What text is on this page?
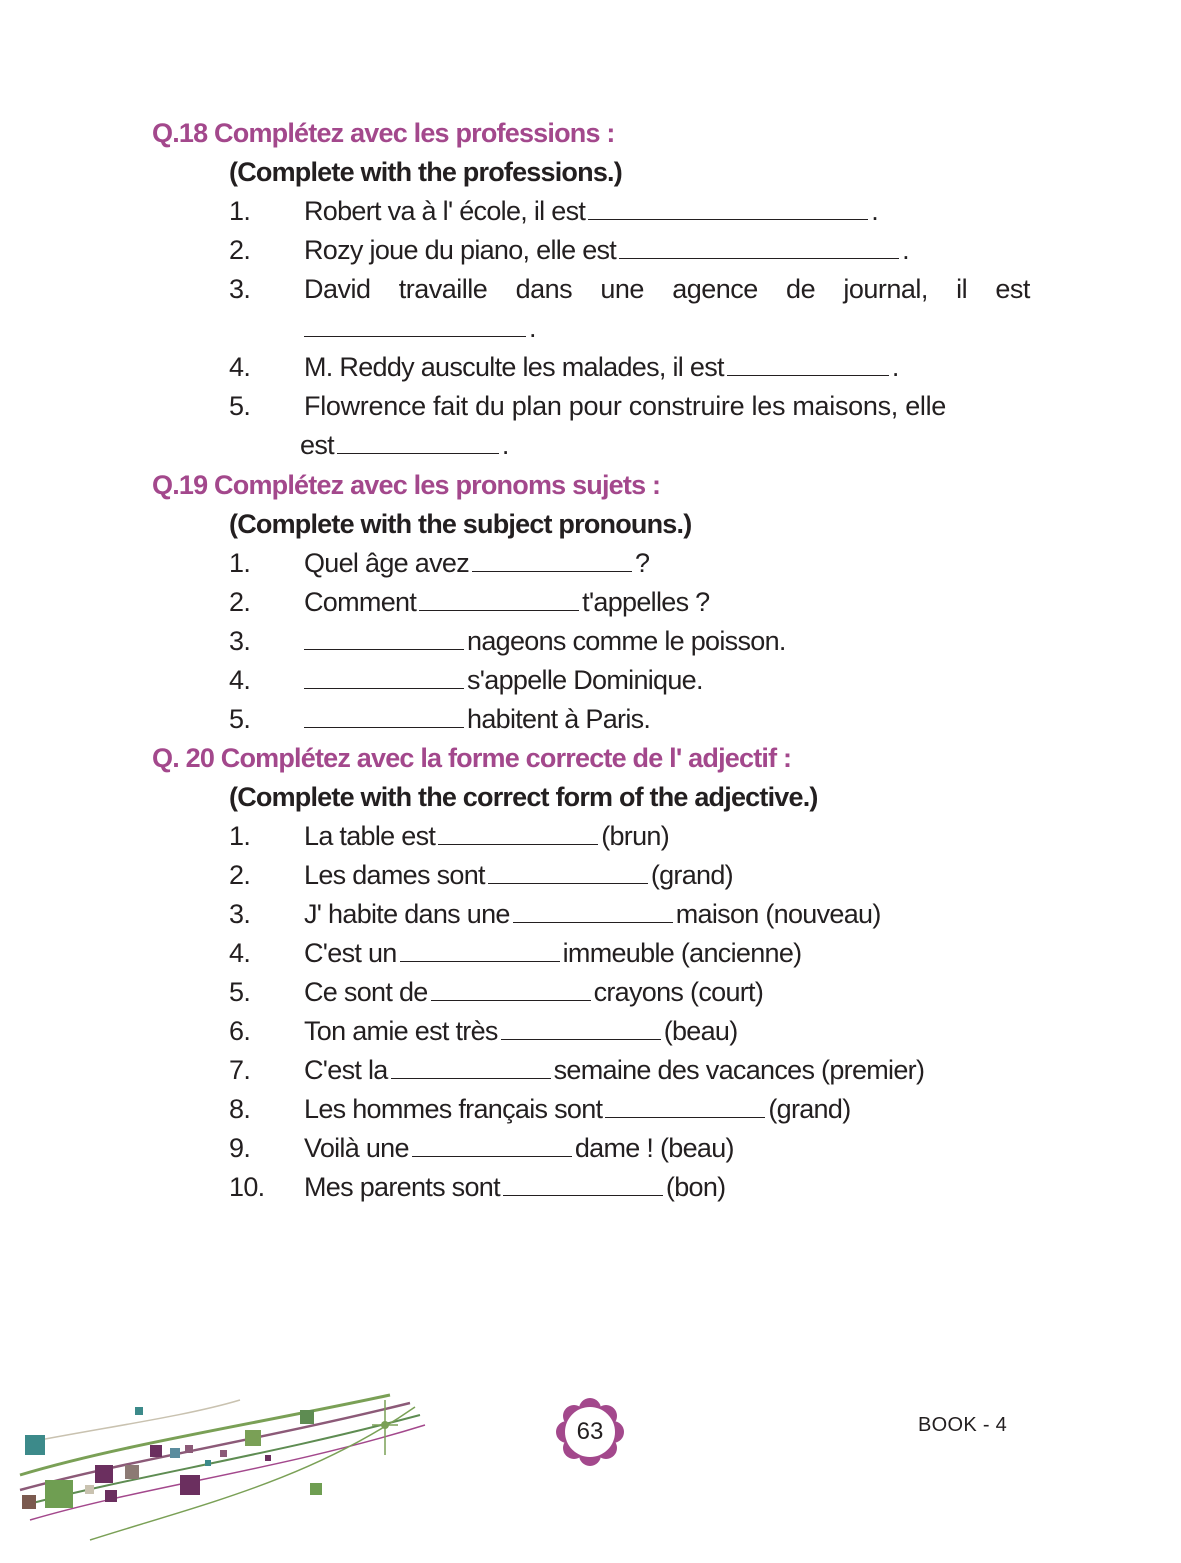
Q.18 Complétez avec les professions :
(Complete with the professions.)
1. Robert va à l' école, il est	.
2. Rozy joue du piano, elle est	.
3. David travaille dans une agence de journal, il est
.
4. M. Reddy ausculte les malades, il est	.
5. Flowrence fait du plan pour construire les maisons, elle
est	.
Q.19 Complétez avec les pronoms sujets :
(Complete with the subject pronouns.)
1. Quel âge avez	?
2. Comment	t'appelles ?
3.	nageons comme le poisson.
4.	s'appelle Dominique.
5.	habitent à Paris.
Q. 20 Complétez avec la forme correcte de l' adjectif :
(Complete with the correct form of the adjective.)
1. La table est	(brun)
2. Les dames sont	(grand)
3. J' habite dans une	maison (nouveau)
4. C'est un	immeuble (ancienne)
5. Ce sont de	crayons (court)
6. Ton amie est très	(beau)
7. C'est la	semaine des vacances (premier)
8. Les hommes français sont	(grand)
9. Voilà une	dame ! (beau)
10. Mes parents sont	(bon)
63	BOOK - 4
